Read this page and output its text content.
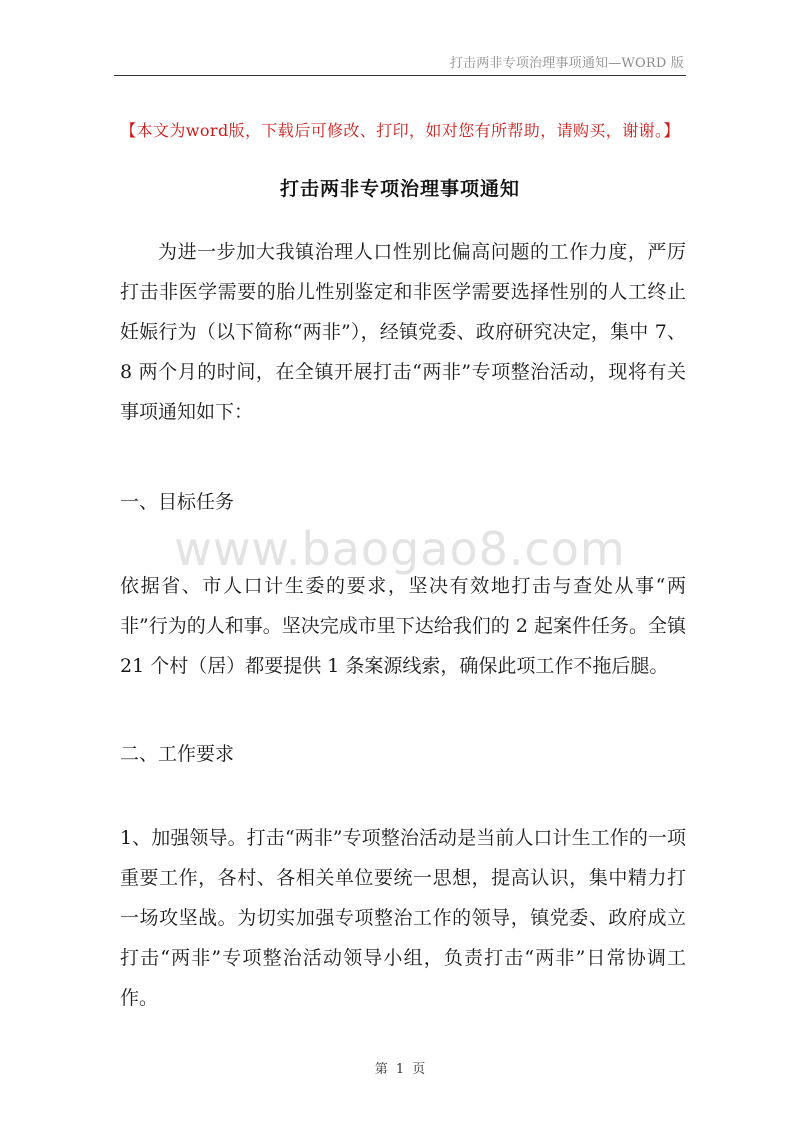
打击两非专项治理事项通知—WORD 版
【本文为word版，下载后可修改、打印，如对您有所帮助，请购买，谢谢。】
打击两非专项治理事项通知
为进一步加大我镇治理人口性别比偏高问题的工作力度，严厉打击非医学需要的胎儿性别鉴定和非医学需要选择性别的人工终止妊娠行为（以下简称“两非”），经镇党委、政府研究决定，集中 7、8 两个月的时间，在全镇开展打击“两非”专项整治活动，现将有关事项通知如下：
一、目标任务
www.baogao8.com
依据省、市人口计生委的要求，坚决有效地打击与查处从事“两非”行为的人和事。坚决完成市里下达给我们的 2 起案件任务。全镇 21 个村（居）都要提供 1 条案源线索，确保此项工作不拖后腿。
二、工作要求
1、加强领导。打击“两非”专项整治活动是当前人口计生工作的一项重要工作，各村、各相关单位要统一思想，提高认识，集中精力打一场攻坚战。为切实加强专项整治工作的领导，镇党委、政府成立打击“两非”专项整治活动领导小组，负责打击“两非”日常协调工作。
第 1 页
